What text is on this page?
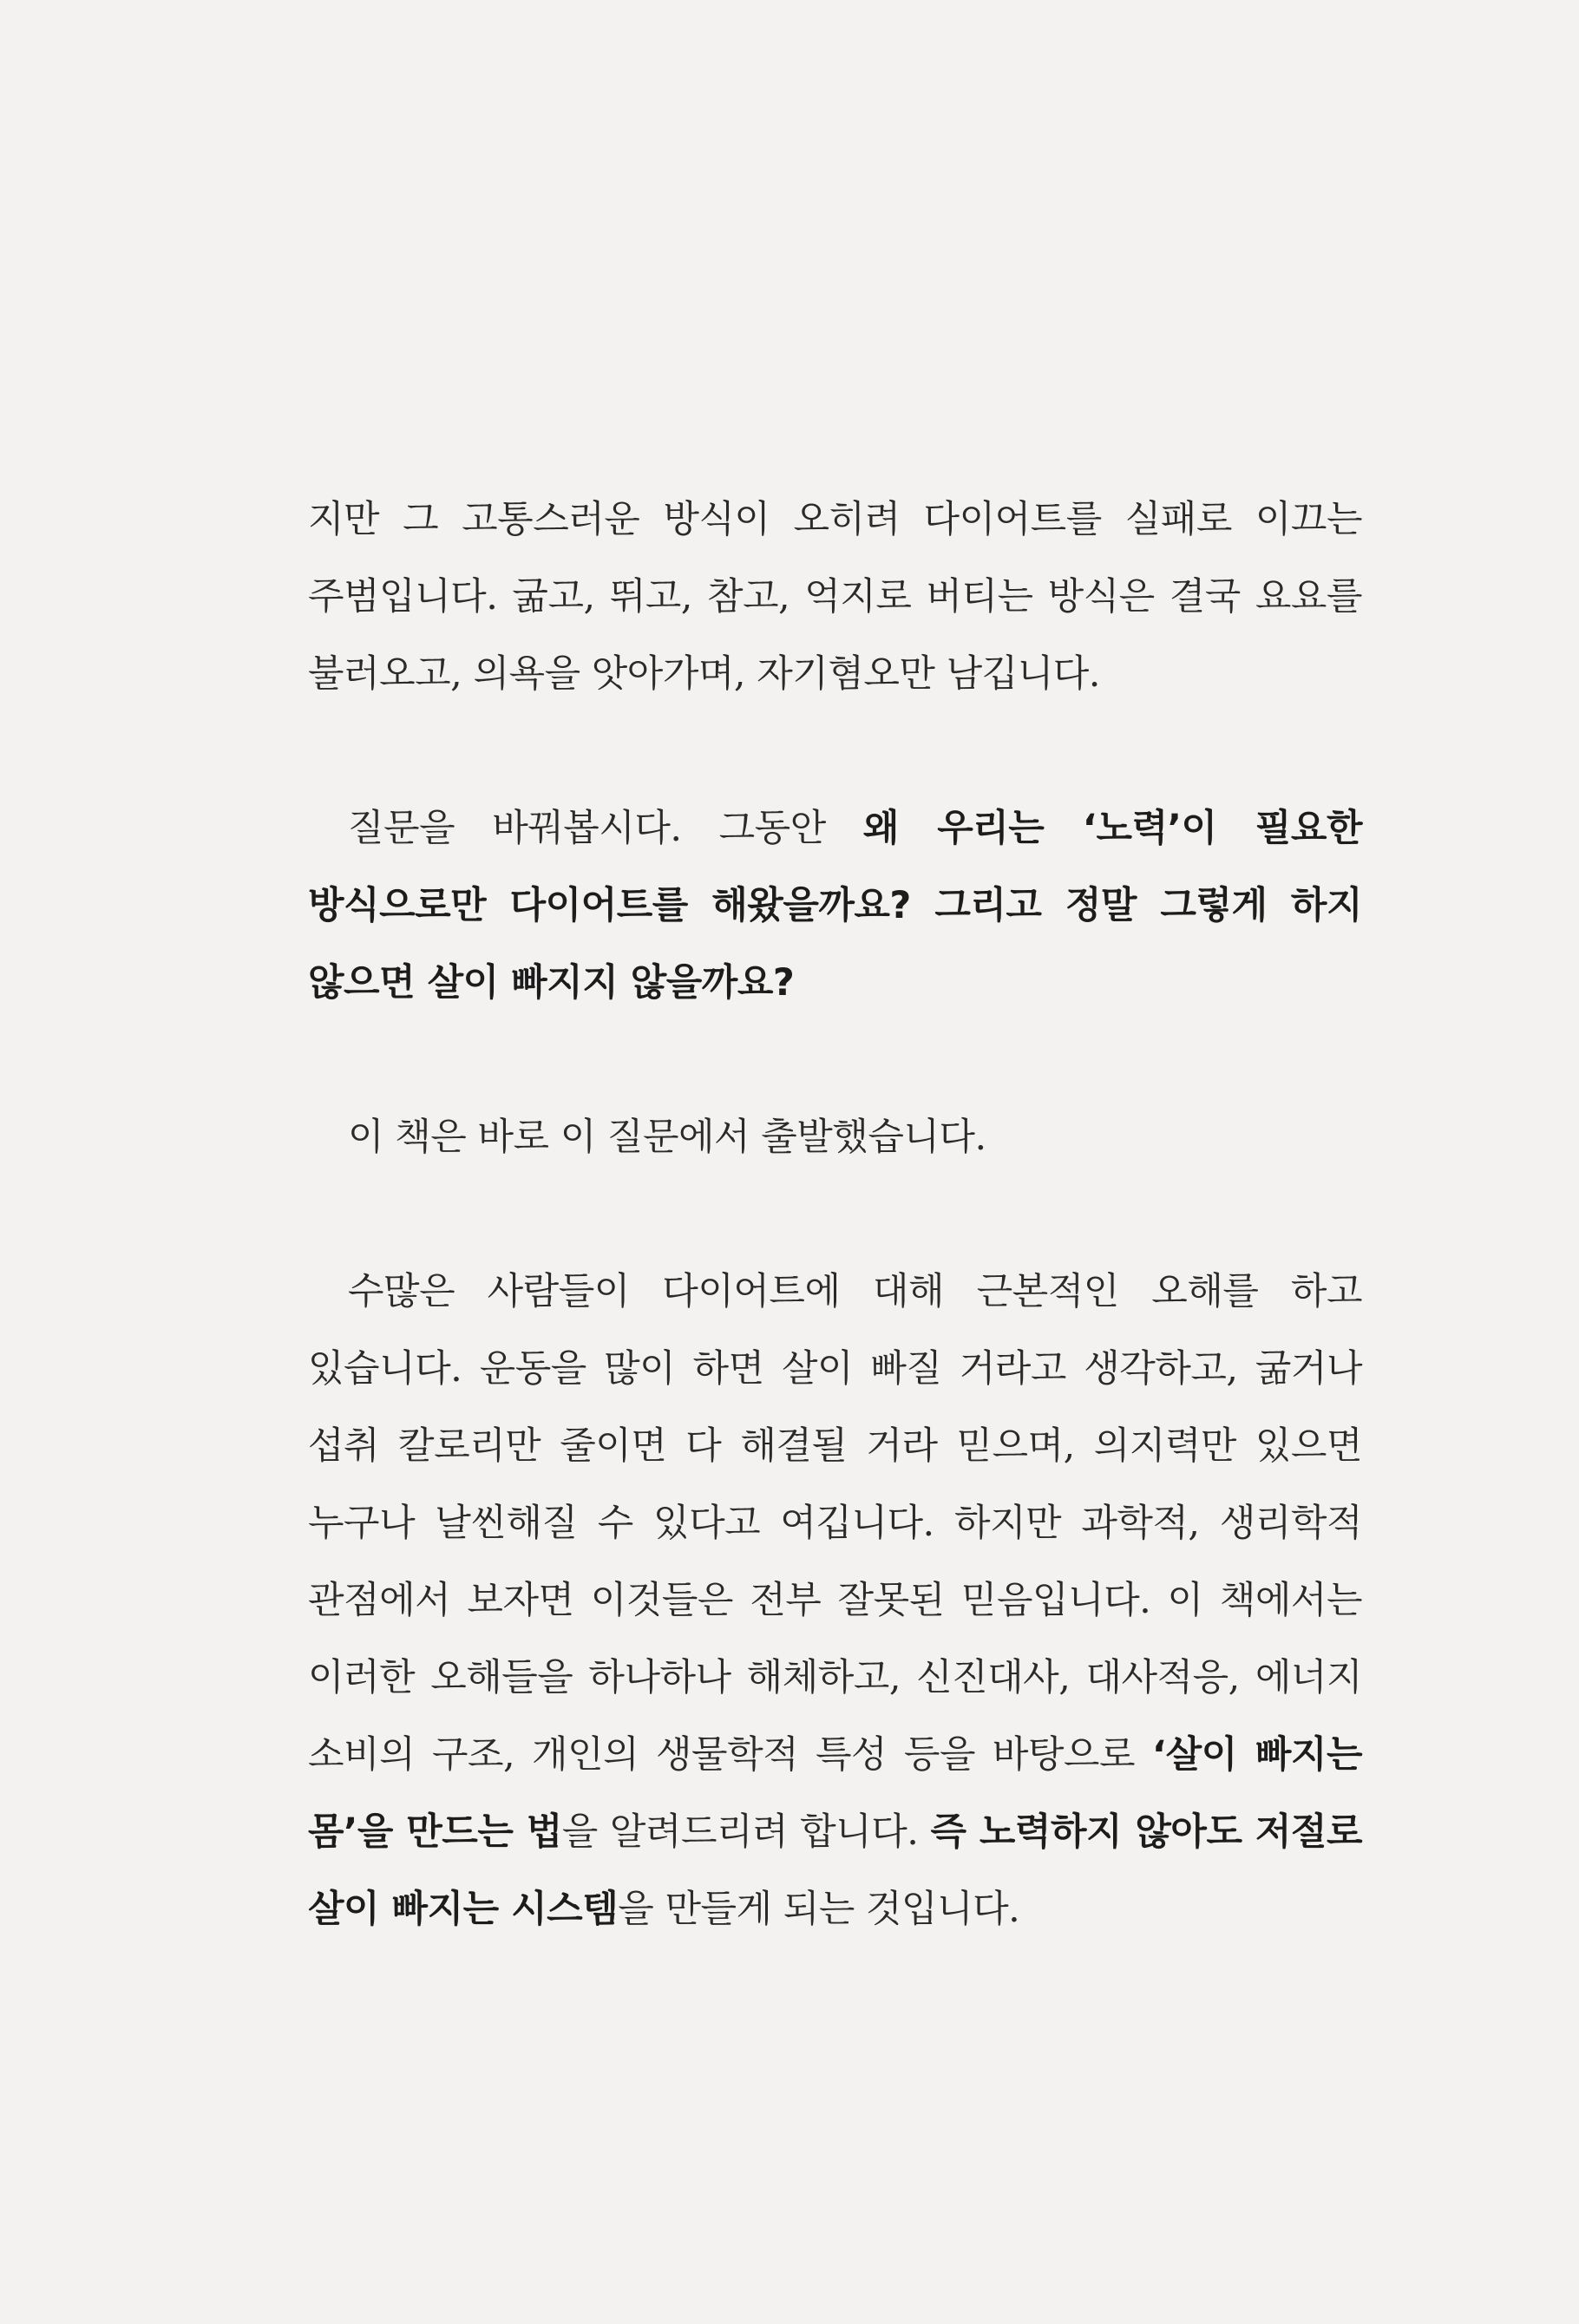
지만 그 고통스러운 방식이 오히려 다이어트를 실패로 이끄는 주범입니다. 굶고, 뛰고, 참고, 억지로 버티는 방식은 결국 요요를 불러오고, 의욕을 앗아가며, 자기혐오만 남깁니다.

질문을 바꿔봅시다. 그동안 왜 우리는 ‘노력’이 필요한 방식으로만 다이어트를 해왔을까요? 그리고 정말 그렇게 하지 않으면 살이 빠지지 않을까요?

이 책은 바로 이 질문에서 출발했습니다.

수많은 사람들이 다이어트에 대해 근본적인 오해를 하고 있습니다. 운동을 많이 하면 살이 빠질 거라고 생각하고, 굶거나 섭취 칼로리만 줄이면 다 해결될 거라 믿으며, 의지력만 있으면 누구나 날씬해질 수 있다고 여깁니다. 하지만 과학적, 생리학적 관점에서 보자면 이것들은 전부 잘못된 믿음입니다. 이 책에서는 이러한 오해들을 하나하나 해체하고, 신진대사, 대사적응, 에너지 소비의 구조, 개인의 생물학적 특성 등을 바탕으로 ‘살이 빠지는 몸’을 만드는 법을 알려드리려 합니다. 즉 노력하지 않아도 저절로 살이 빠지는 시스템을 만들게 되는 것입니다.
